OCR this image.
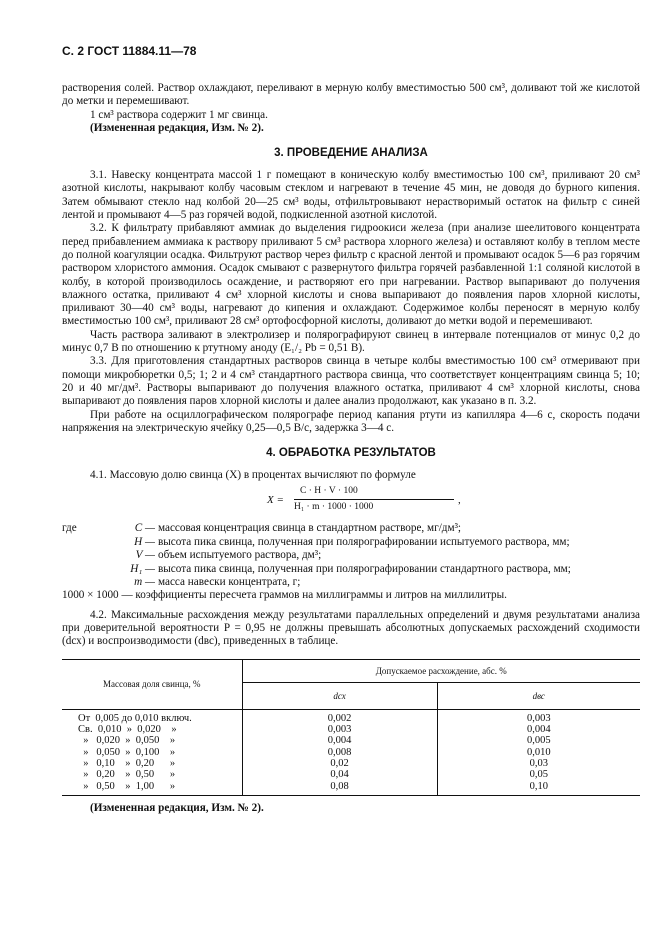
С. 2 ГОСТ 11884.11—78

растворения солей. Раствор охлаждают, переливают в мерную колбу вместимостью 500 см³, доливают той же кислотой до метки и перемешивают.

1 см³ раствора содержит 1 мг свинца.

(Измененная редакция, Изм. № 2).

3. ПРОВЕДЕНИЕ АНАЛИЗА

3.1. Навеску концентрата массой 1 г помещают в коническую колбу вместимостью 100 см³, приливают 20 см³ азотной кислоты, накрывают колбу часовым стеклом и нагревают в течение 45 мин, не доводя до бурного кипения. Затем обмывают стекло над колбой 20—25 см³ воды, отфильтровывают нерастворимый остаток на фильтр с синей лентой и промывают 4—5 раз горячей водой, подкисленной азотной кислотой.

3.2. К фильтрату прибавляют аммиак до выделения гидроокиси железа (при анализе шеелитового концентрата перед прибавлением аммиака к раствору приливают 5 см³ раствора хлорного железа) и оставляют колбу в теплом месте до полной коагуляции осадка. Фильтруют раствор через фильтр с красной лентой и промывают осадок 5—6 раз горячим раствором хлористого аммония. Осадок смывают с развернутого фильтра горячей разбавленной 1:1 соляной кислотой в колбу, в которой производилось осаждение, и растворяют его при нагревании. Раствор выпаривают до получения влажного остатка, приливают 4 см³ хлорной кислоты и снова выпаривают до появления паров хлорной кислоты, приливают 30—40 см³ воды, нагревают до кипения и охлаждают. Содержимое колбы переносят в мерную колбу вместимостью 100 см³, приливают 28 см³ ортофосфорной кислоты, доливают до метки водой и перемешивают.

Часть раствора заливают в электролизер и полярографируют свинец в интервале потенциалов от минус 0,2 до минус 0,7 В по отношению к ртутному аноду (E₁/₂ Pb = 0,51 В).

3.3. Для приготовления стандартных растворов свинца в четыре колбы вместимостью 100 см³ отмеривают при помощи микробюретки 0,5; 1; 2 и 4 см³ стандартного раствора свинца, что соответствует концентрациям свинца 5; 10; 20 и 40 мг/дм³. Растворы выпаривают до получения влажного остатка, приливают 4 см³ хлорной кислоты, снова выпаривают до появления паров хлорной кислоты и далее анализ продолжают, как указано в п. 3.2.

При работе на осциллографическом полярографе период капания ртути из капилляра 4—6 с, скорость подачи напряжения на электрическую ячейку 0,25—0,5 В/с, задержка 3—4 с.

4. ОБРАБОТКА РЕЗУЛЬТАТОВ

4.1. Массовую долю свинца (X) в процентах вычисляют по формуле

X =
C · H · V · 100
H₁ · m · 1000 · 1000
,
где	C — массовая концентрация свинца в стандартном растворе, мг/дм³;
H — высота пика свинца, полученная при полярографировании испытуемого раствора, мм;
V — объем испытуемого раствора, дм³;
H₁ — высота пика свинца, полученная при полярографировании стандартного раствора, мм;
m — масса навески концентрата, г;
1000 × 1000 — коэффициенты пересчета граммов на миллиграммы и литров на миллилитры.

4.2. Максимальные расхождения между результатами параллельных определений и двумя результатами анализа при доверительной вероятности P = 0,95 не должны превышать абсолютных допускаемых расхождений сходимости (dсх) и воспроизводимости (dвс), приведенных в таблице.

Массовая доля свинца, %	Допускаемое расхождение, абс. %	
	dсх	dвс
От  0,005 до 0,010 включ.	0,002	0,003
Св.  0,010  »  0,020    »	0,003	0,004
»   0,020  »  0,050    »	0,004	0,005
»   0,050  »  0,100    »	0,008	0,010
»   0,10    »  0,20      »	0,02	0,03
»   0,20    »  0,50      »	0,04	0,05
»   0,50    »  1,00      »	0,08	0,10

(Измененная редакция, Изм. № 2).
